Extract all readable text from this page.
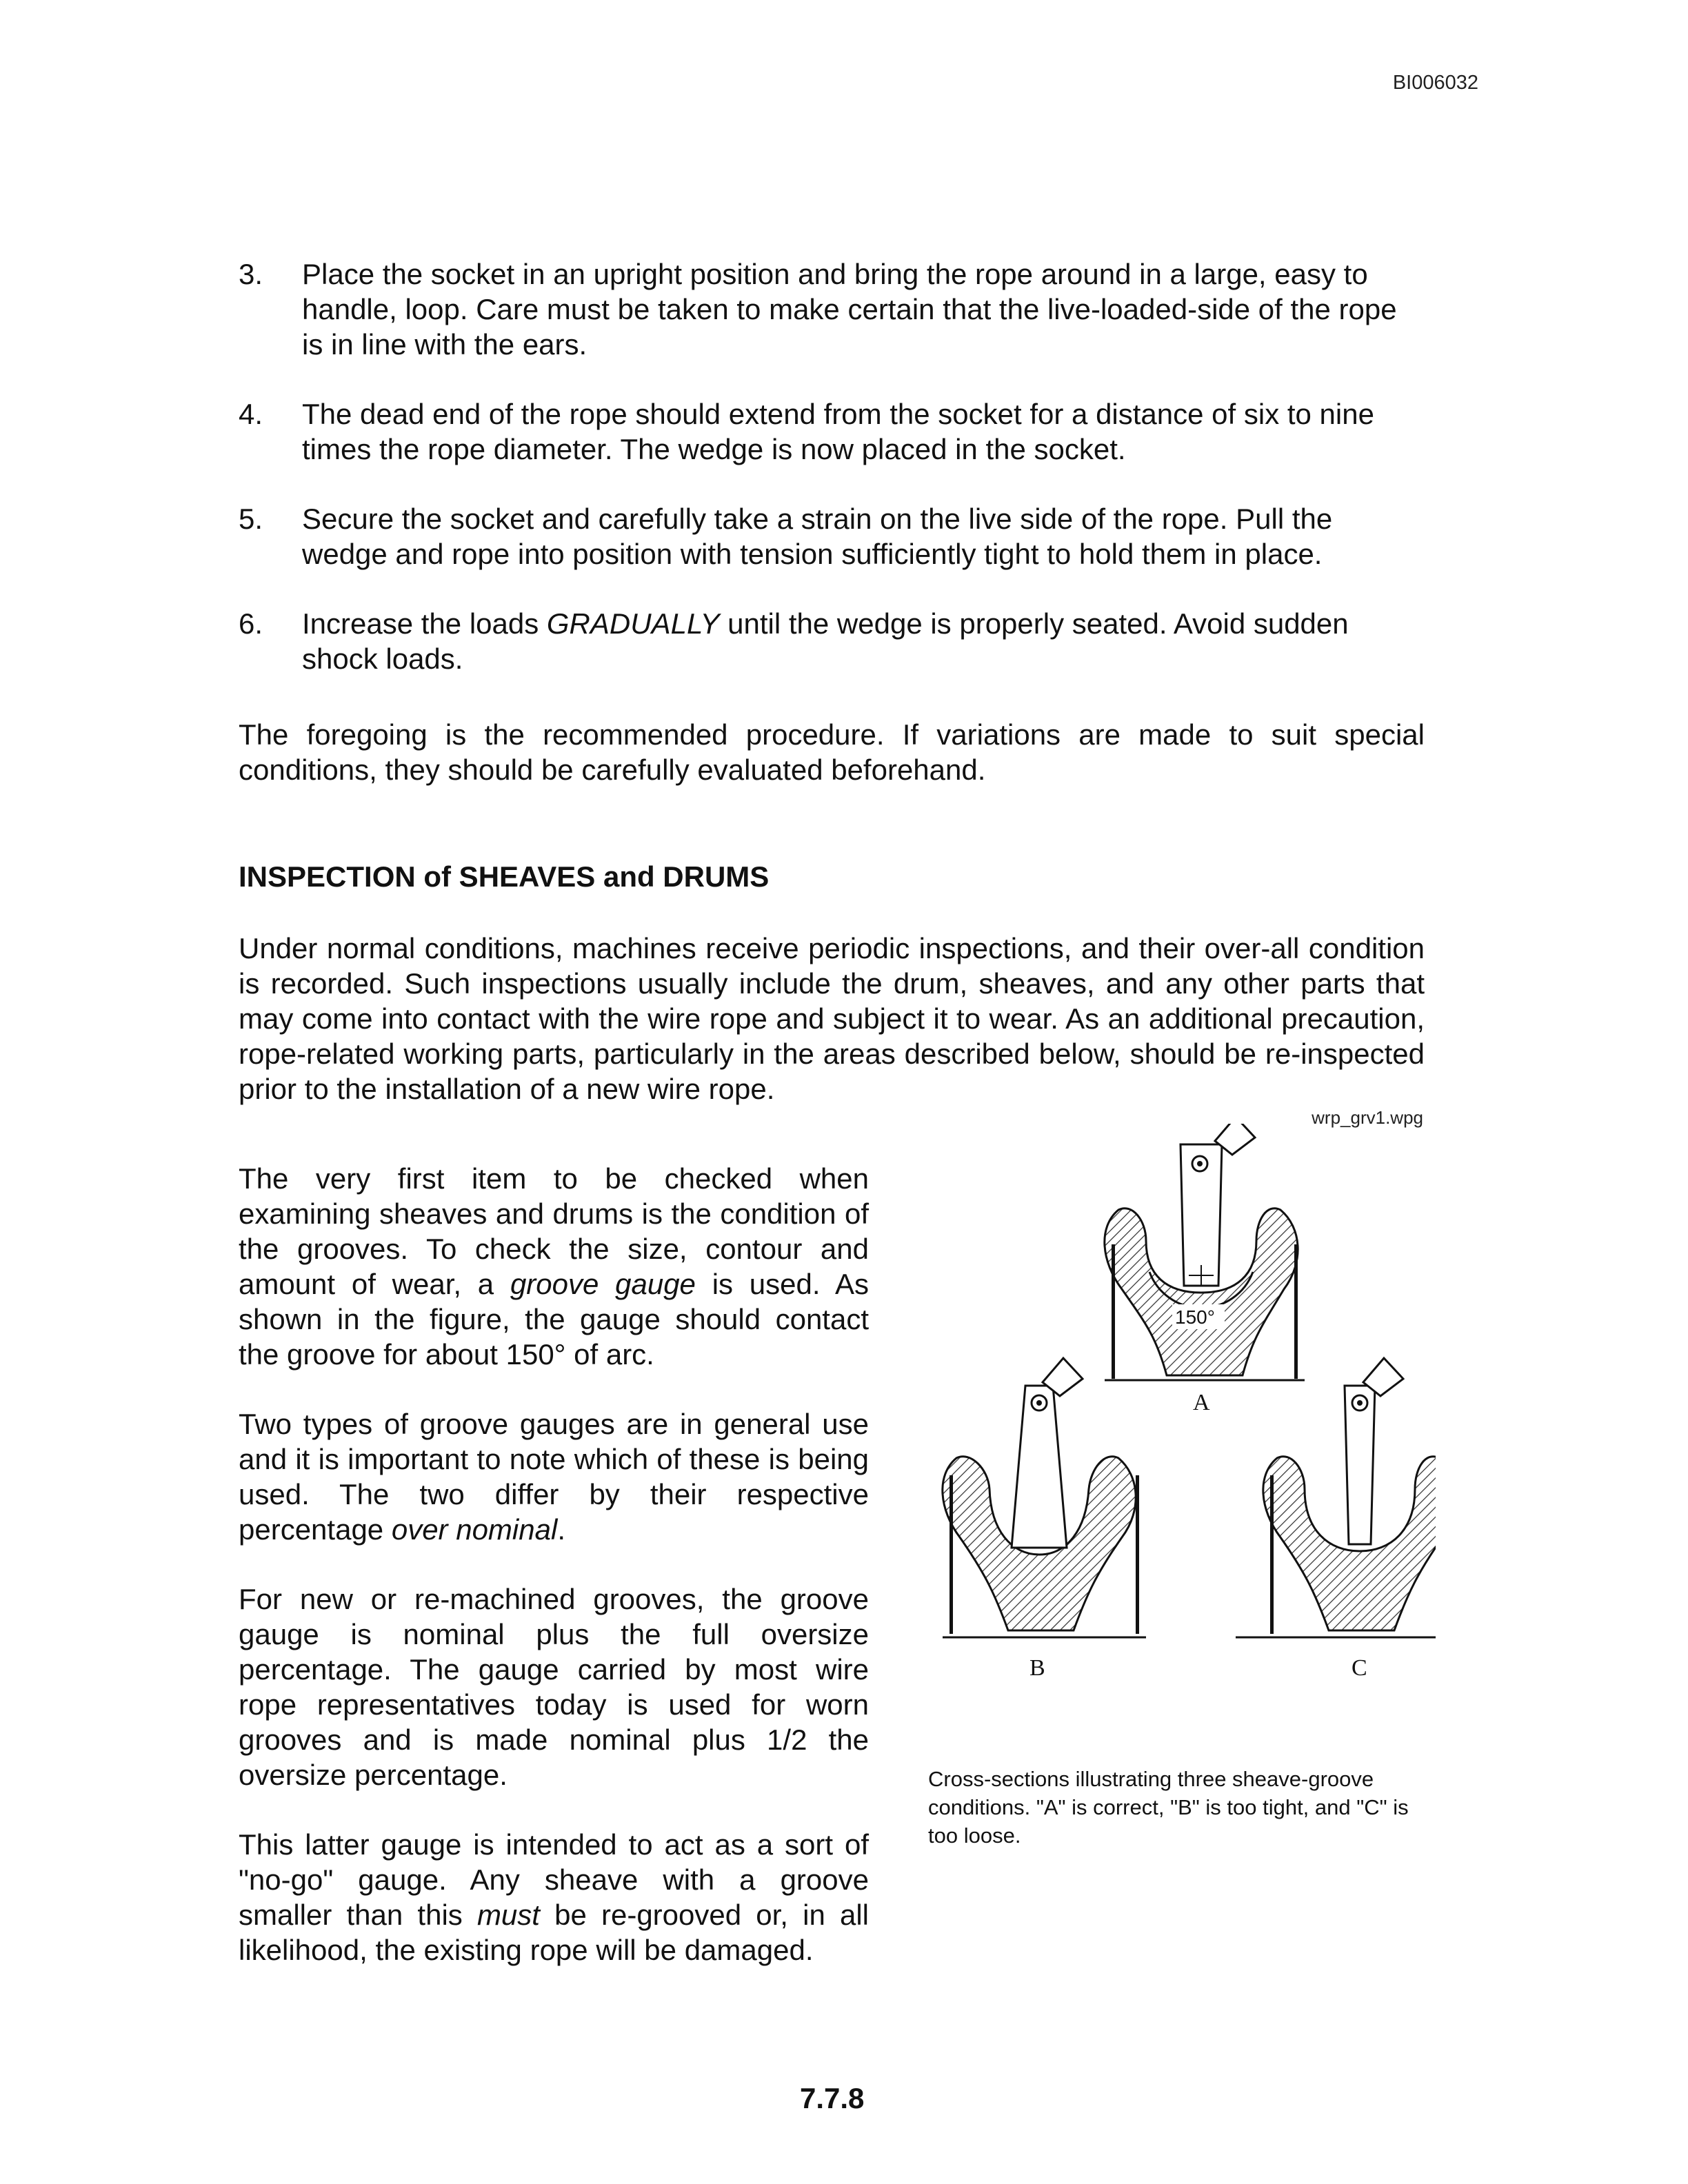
BI006032
3. Place the socket in an upright position and bring the rope around in a large, easy to handle, loop. Care must be taken to make certain that the live-loaded-side of the rope is in line with the ears.
4. The dead end of the rope should extend from the socket for a distance of six to nine times the rope diameter. The wedge is now placed in the socket.
5. Secure the socket and carefully take a strain on the live side of the rope. Pull the wedge and rope into position with tension sufficiently tight to hold them in place.
6. Increase the loads GRADUALLY until the wedge is properly seated. Avoid sudden shock loads.

The foregoing is the recommended procedure. If variations are made to suit special conditions, they should be carefully evaluated beforehand.

INSPECTION of SHEAVES and DRUMS

Under normal conditions, machines receive periodic inspections, and their over-all condition is recorded. Such inspections usually include the drum, sheaves, and any other parts that may come into contact with the wire rope and subject it to wear. As an additional precaution, rope-related working parts, particularly in the areas described below, should be re-inspected prior to the installation of a new wire rope.

wrp_grv1.wpg

The very first item to be checked when examining sheaves and drums is the condition of the grooves. To check the size, contour and amount of wear, a groove gauge is used. As shown in the figure, the gauge should contact the groove for about 150° of arc.

Two types of groove gauges are in general use and it is important to note which of these is being used. The two differ by their respective percentage over nominal.

For new or re-machined grooves, the groove gauge is nominal plus the full oversize percentage. The gauge carried by most wire rope representatives today is used for worn grooves and is made nominal plus 1/2 the oversize percentage.

This latter gauge is intended to act as a sort of "no-go" gauge. Any sheave with a groove smaller than this must be re-grooved or, in all likelihood, the existing rope will be damaged.

150°
A
B	C

Cross-sections illustrating three sheave-groove conditions. "A" is correct, "B" is too tight, and "C" is too loose.

7.7.8
